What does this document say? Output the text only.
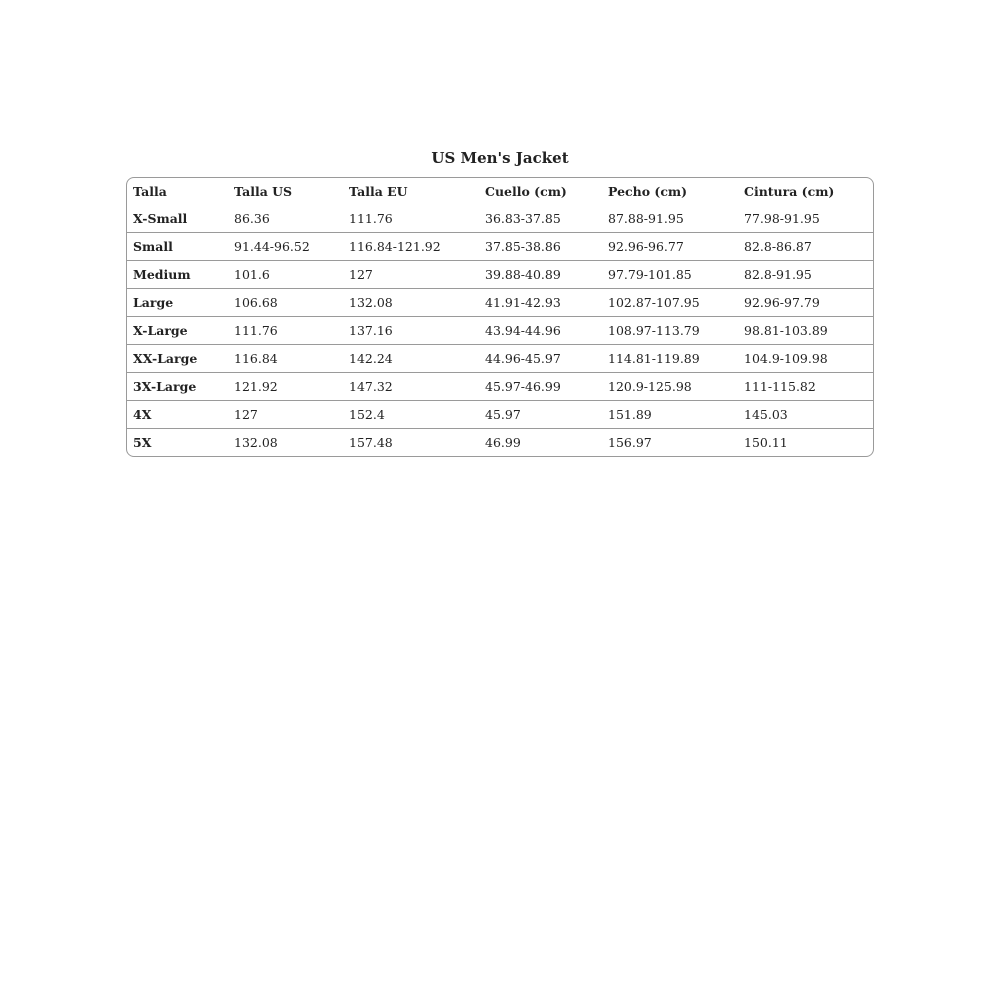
US Men's Jacket
Talla	Talla US	Talla EU	Cuello (cm)	Pecho (cm)	Cintura (cm)
X-Small	86.36	111.76	36.83-37.85	87.88-91.95	77.98-91.95
Small	91.44-96.52	116.84-121.92	37.85-38.86	92.96-96.77	82.8-86.87
Medium	101.6	127	39.88-40.89	97.79-101.85	82.8-91.95
Large	106.68	132.08	41.91-42.93	102.87-107.95	92.96-97.79
X-Large	111.76	137.16	43.94-44.96	108.97-113.79	98.81-103.89
XX-Large	116.84	142.24	44.96-45.97	114.81-119.89	104.9-109.98
3X-Large	121.92	147.32	45.97-46.99	120.9-125.98	111-115.82
4X	127	152.4	45.97	151.89	145.03
5X	132.08	157.48	46.99	156.97	150.11
